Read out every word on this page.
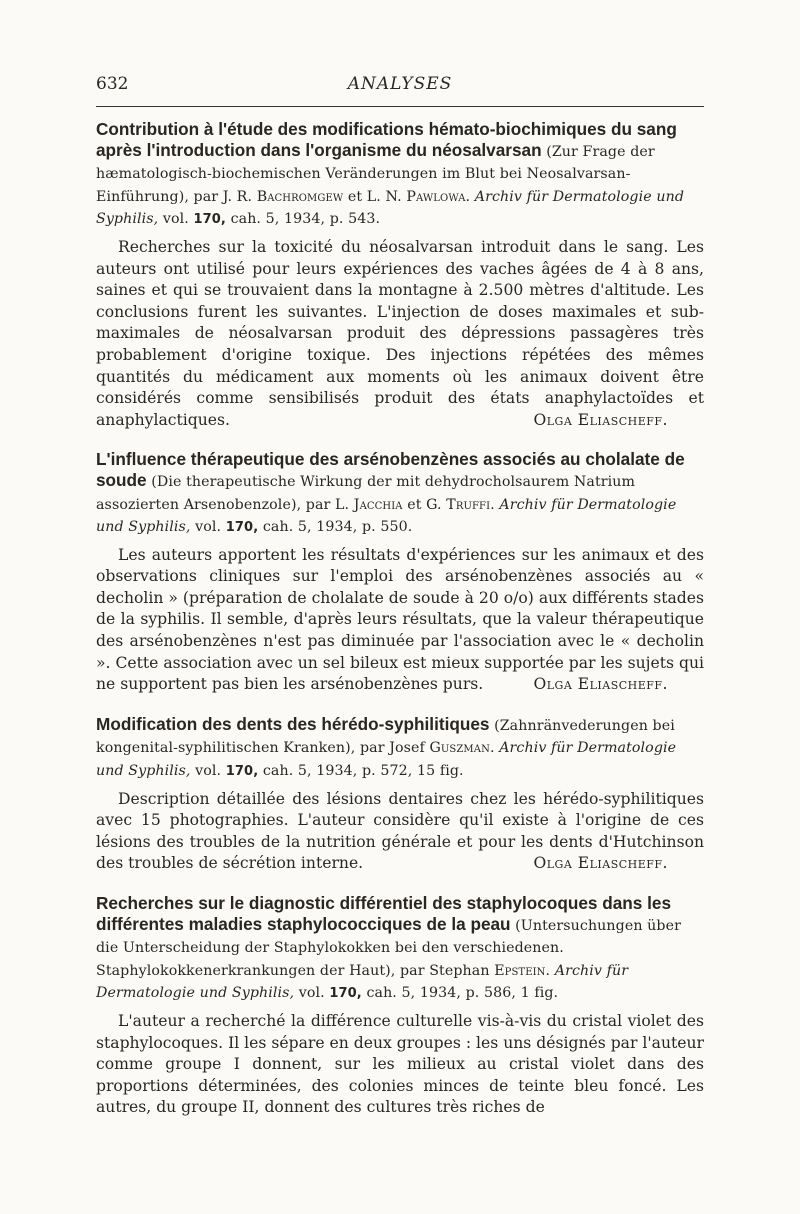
632	ANALYSES

Contribution à l'étude des modifications hémato-biochimiques du sang après l'introduction dans l'organisme du néosalvarsan (Zur Frage der hæmatologisch-biochemischen Veränderungen im Blut bei Neosalvarsan-Einführung), par J. R. Bachromgew et L. N. Pawlowa. Archiv für Dermatologie und Syphilis, vol. 170, cah. 5, 1934, p. 543.

Recherches sur la toxicité du néosalvarsan introduit dans le sang. Les auteurs ont utilisé pour leurs expériences des vaches âgées de 4 à 8 ans, saines et qui se trouvaient dans la montagne à 2.500 mètres d'altitude. Les conclusions furent les suivantes. L'injection de doses maximales et sub-maximales de néosalvarsan produit des dépressions passagères très probablement d'origine toxique. Des injections répétées des mêmes quantités du médicament aux moments où les animaux doivent être considérés comme sensibilisés produit des états anaphylactoïdes et anaphylactiques.	Olga Eliascheff.

L'influence thérapeutique des arsénobenzènes associés au cholalate de soude (Die therapeutische Wirkung der mit dehydrocholsaurem Natrium assozierten Arsenobenzole), par L. Jacchia et G. Truffi. Archiv für Dermatologie und Syphilis, vol. 170, cah. 5, 1934, p. 550.

Les auteurs apportent les résultats d'expériences sur les animaux et des observations cliniques sur l'emploi des arsénobenzènes associés au « decholin » (préparation de cholalate de soude à 20 o/o) aux différents stades de la syphilis. Il semble, d'après leurs résultats, que la valeur thérapeutique des arsénobenzènes n'est pas diminuée par l'association avec le « decholin ». Cette association avec un sel bileux est mieux supportée par les sujets qui ne supportent pas bien les arsénobenzènes purs.	Olga Eliascheff.

Modification des dents des hérédo-syphilitiques (Zahnränvederungen bei kongenital-syphilitischen Kranken), par Josef Guszman. Archiv für Dermatologie und Syphilis, vol. 170, cah. 5, 1934, p. 572, 15 fig.

Description détaillée des lésions dentaires chez les hérédo-syphilitiques avec 15 photographies. L'auteur considère qu'il existe à l'origine de ces lésions des troubles de la nutrition générale et pour les dents d'Hutchinson des troubles de sécrétion interne.	Olga Eliascheff.

Recherches sur le diagnostic différentiel des staphylocoques dans les différentes maladies staphylococciques de la peau (Untersuchungen über die Unterscheidung der Staphylokokken bei den verschiedenen. Staphylokokkenerkrankungen der Haut), par Stephan Epstein. Archiv für Dermatologie und Syphilis, vol. 170, cah. 5, 1934, p. 586, 1 fig.

L'auteur a recherché la différence culturelle vis-à-vis du cristal violet des staphylocoques. Il les sépare en deux groupes : les uns désignés par l'auteur comme groupe I donnent, sur les milieux au cristal violet dans des proportions déterminées, des colonies minces de teinte bleu foncé. Les autres, du groupe II, donnent des cultures très riches de
